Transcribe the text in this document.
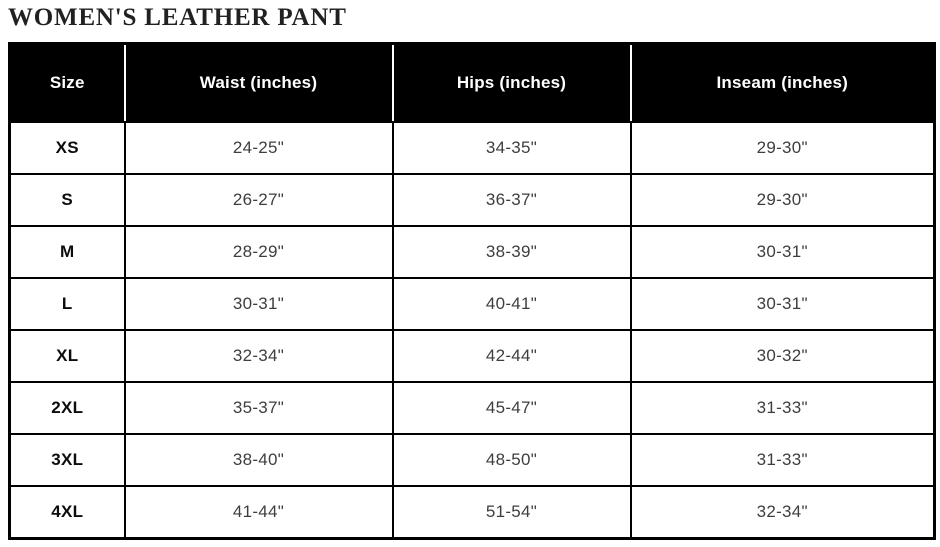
WOMEN'S LEATHER PANT
Size	Waist (inches)	Hips (inches)	Inseam (inches)
XS	24-25"	34-35"	29-30"
S	26-27"	36-37"	29-30"
M	28-29"	38-39"	30-31"
L	30-31"	40-41"	30-31"
XL	32-34"	42-44"	30-32"
2XL	35-37"	45-47"	31-33"
3XL	38-40"	48-50"	31-33"
4XL	41-44"	51-54"	32-34"
